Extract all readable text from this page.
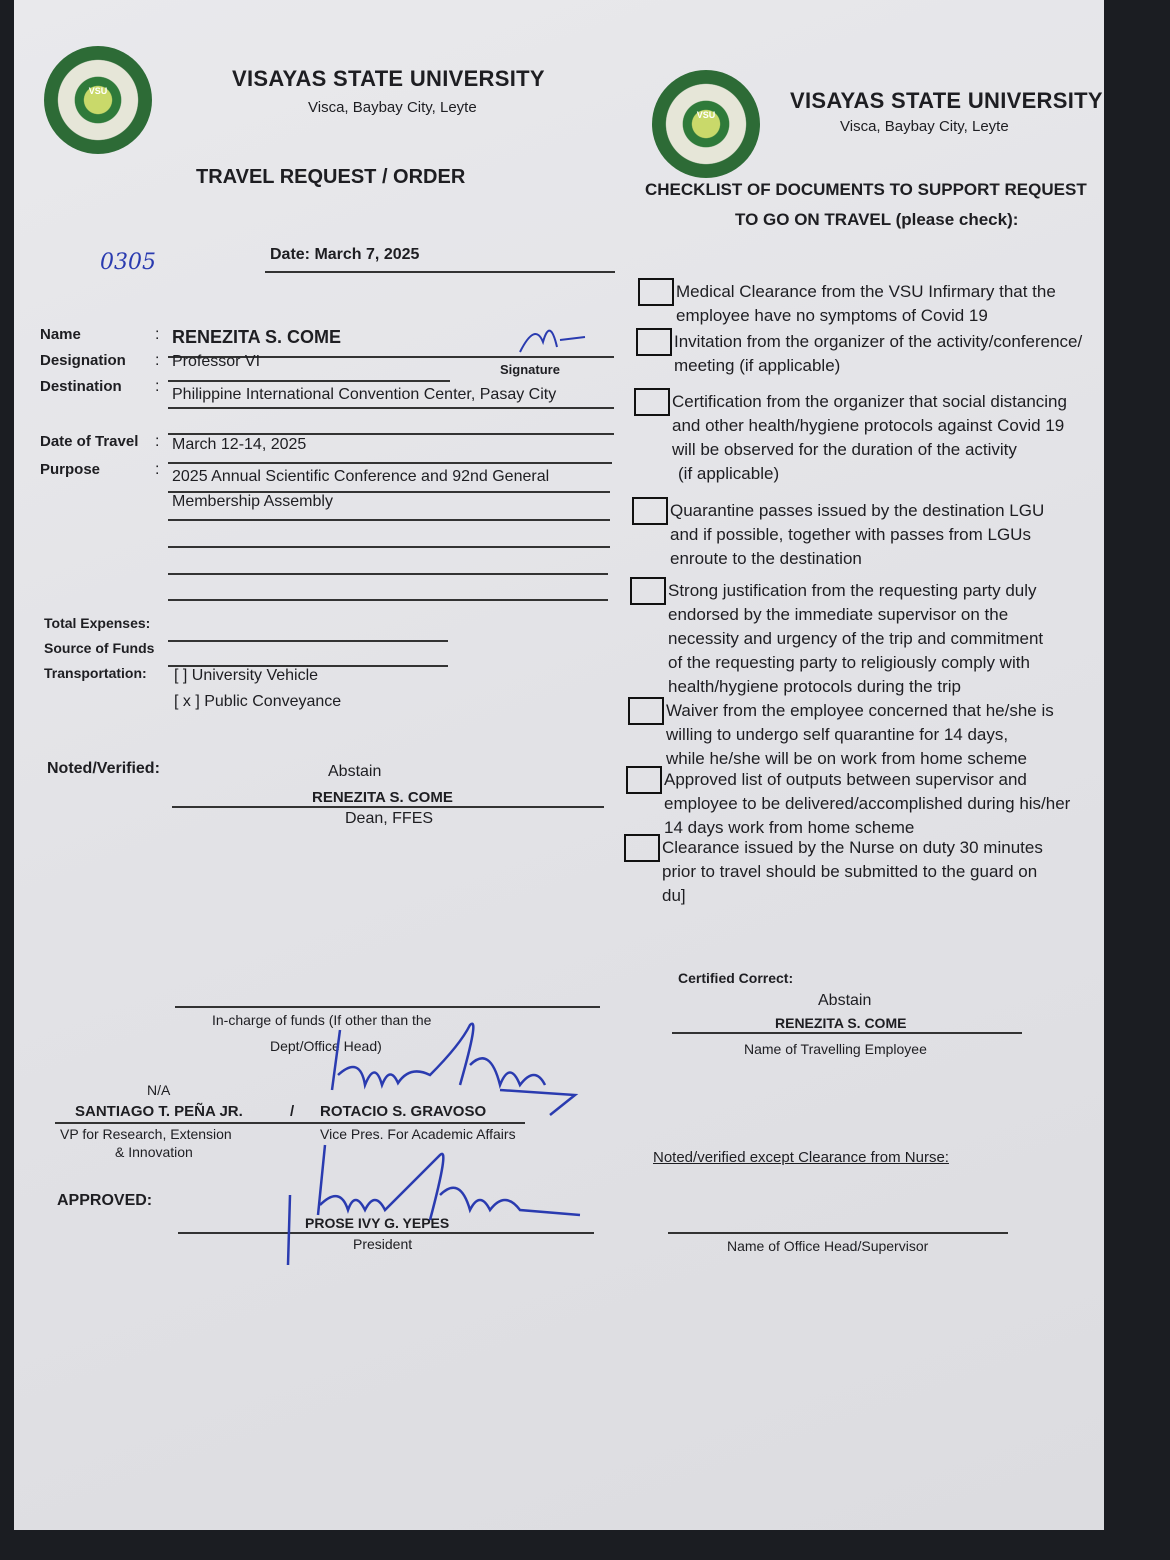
VSU	VISAYAS STATE UNIVERSITY
Visca, Baybay City, Leyte	VSU
VISAYAS STATE UNIVERSITY
Visca, Baybay City, Leyte
TRAVEL REQUEST / ORDER
CHECKLIST OF DOCUMENTS TO SUPPORT REQUEST
TO GO ON TRAVEL (please check):
0305	Date: March 7, 2025
Name	: RENEZITA S. COME
Designation : Professor VI	Signature
Destination : Philippine International Convention Center, Pasay City
Date of Travel : March 12-14, 2025
Purpose	: 2025 Annual Scientific Conference and 92nd General
Membership Assembly
Total Expenses:
Source of Funds
Transportation: [ ] University Vehicle
[ x ] Public Conveyance
Noted/Verified:	Abstain
RENEZITA S. COME
Dean, FFES
Medical Clearance from the VSU Infirmary that the
employee have no symptoms of Covid 19
Invitation from the organizer of the activity/conference/
meeting (if applicable)
Certification from the organizer that social distancing
and other health/hygiene protocols against Covid 19
will be observed for the duration of the activity
(if applicable)
Quarantine passes issued by the destination LGU
and if possible, together with passes from LGUs
enroute to the destination
Strong justification from the requesting party duly
endorsed by the immediate supervisor on the
necessity and urgency of the trip and commitment
of the requesting party to religiously comply with
health/hygiene protocols during the trip
Waiver from the employee concerned that he/she is
willing to undergo self quarantine for 14 days,
while he/she will be on work from home scheme
Approved list of outputs between supervisor and
employee to be delivered/accomplished during his/her
14 days work from home scheme
Clearance issued by the Nurse on duty 30 minutes
prior to travel should be submitted to the guard on
du]
Certified Correct:
Abstain
RENEZITA S. COME
Name of Travelling Employee
Noted/verified except Clearance from Nurse:
Name of Office Head/Supervisor
In-charge of funds (If other than the
Dept/Office Head)
N/A
SANTIAGO T. PEÑA JR.	/ ROTACIO S. GRAVOSO
VP for Research, Extension
& Innovation
Vice Pres. For Academic Affairs
APPROVED:
PROSE IVY G. YEPES
President
